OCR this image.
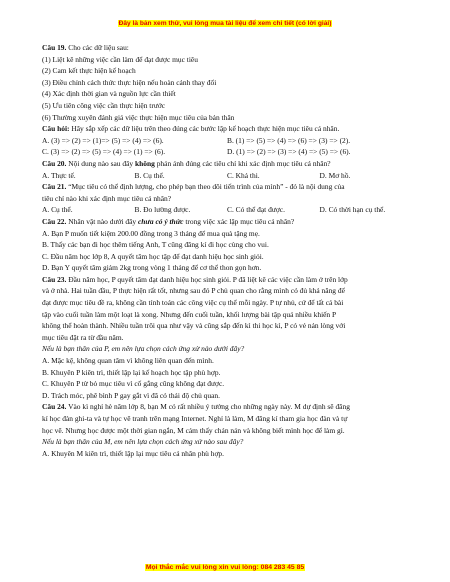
Đây là bản xem thử, vui lòng mua tài liệu để xem chi tiết (có lời giải)
Câu 19. Cho các dữ liệu sau:
(1) Liệt kê những việc cần làm để đạt được mục tiêu
(2) Cam kết thực hiện kế hoạch
(3) Điều chỉnh cách thức thực hiện nếu hoàn cảnh thay đổi
(4) Xác định thời gian và nguồn lực cần thiết
(5) Ưu tiên công việc cần thực hiện trước
(6) Thường xuyên đánh giá việc thực hiện mục tiêu của bản thân
Câu hỏi: Hãy sắp xếp các dữ liệu trên theo đúng các bước lập kế hoạch thực hiện mục tiêu cá nhân.
A. (3) => (2) => (1)=> (5) => (4) => (6).	B. (1) => (5) => (4) => (6) => (3) => (2).
C. (3) => (2) => (5) => (4) => (1) => (6).	D. (1) => (2) => (3) => (4) => (5) => (6).
Câu 20. Nội dung nào sau đây không phản ánh đúng các tiêu chí khi xác định mục tiêu cá nhân?
A. Thực tế.	B. Cụ thể.	C. Khả thi.	D. Mơ hồ.
Câu 21. “Mục tiêu có thể định lượng, cho phép bạn theo dõi tiến trình của mình” - đó là nội dung của
tiêu chí nào khi xác định mục tiêu cá nhân?
A. Cụ thể.	B. Đo lường được.	C. Có thể đạt được.	D. Có thời hạn cụ thể.
Câu 22. Nhân vật nào dưới đây chưa có ý thức trong việc xác lập mục tiêu cá nhân?
A. Bạn P muốn tiết kiệm 200.00 đồng trong 3 tháng để mua quà tặng mẹ.
B. Thấy các bạn đi học thêm tiếng Anh, T cũng đăng kí đi học cùng cho vui.
C. Đầu năm học lớp 8, A quyết tâm học tập để đạt danh hiệu học sinh giỏi.
D. Bạn Y quyết tâm giảm 2kg trong vòng 1 tháng để cơ thể thon gọn hơn.
Câu 23. Đầu năm học, P quyết tâm đạt danh hiệu học sinh giỏi. P đã liệt kê các việc cần làm ở trên lớp
và ở nhà. Hai tuần đầu, P thực hiện rất tốt, nhưng sau đó P chủ quan cho rằng mình có đủ khả năng để
đạt được mục tiêu đề ra, không cần tính toán các công việc cụ thể mỗi ngày. P tự nhủ, cứ để tất cả bài
tập vào cuối tuần làm một loạt là xong. Nhưng đến cuối tuần, khối lượng bài tập quá nhiều khiến P
không thể hoàn thành. Nhiều tuần trôi qua như vậy và cũng sắp đến kì thi học kì, P có vẻ nản lòng với
mục tiêu đặt ra từ đầu năm.
Nếu là bạn thân của P, em nên lựa chọn cách ứng xử nào dưới đây?
A. Mặc kệ, không quan tâm vì không liên quan đến mình.
B. Khuyên P kiên trì, thiết lập lại kế hoạch học tập phù hợp.
C. Khuyên P từ bỏ mục tiêu vì cố gắng cũng không đạt được.
D. Trách móc, phê bình P gay gắt vì đã có thái độ chủ quan.
Câu 24. Vào kì nghỉ hè năm lớp 8, bạn M có rất nhiều ý tưởng cho những ngày này. M dự định sẽ đăng
kí học đàn ghi-ta và tự học vẽ tranh trên mạng Internet. Nghỉ là làm, M đăng kí tham gia học đàn và tự
học vẽ. Nhưng học được một thời gian ngắn, M cảm thấy chán nản và không biết mình học để làm gì.
Nếu là bạn thân của M, em nên lựa chọn cách ứng xử nào sau đây?
A. Khuyên M kiên trì, thiết lập lại mục tiêu cá nhân phù hợp.
Mọi thắc mắc vui lòng xin vui lòng: 084 283 45 85
